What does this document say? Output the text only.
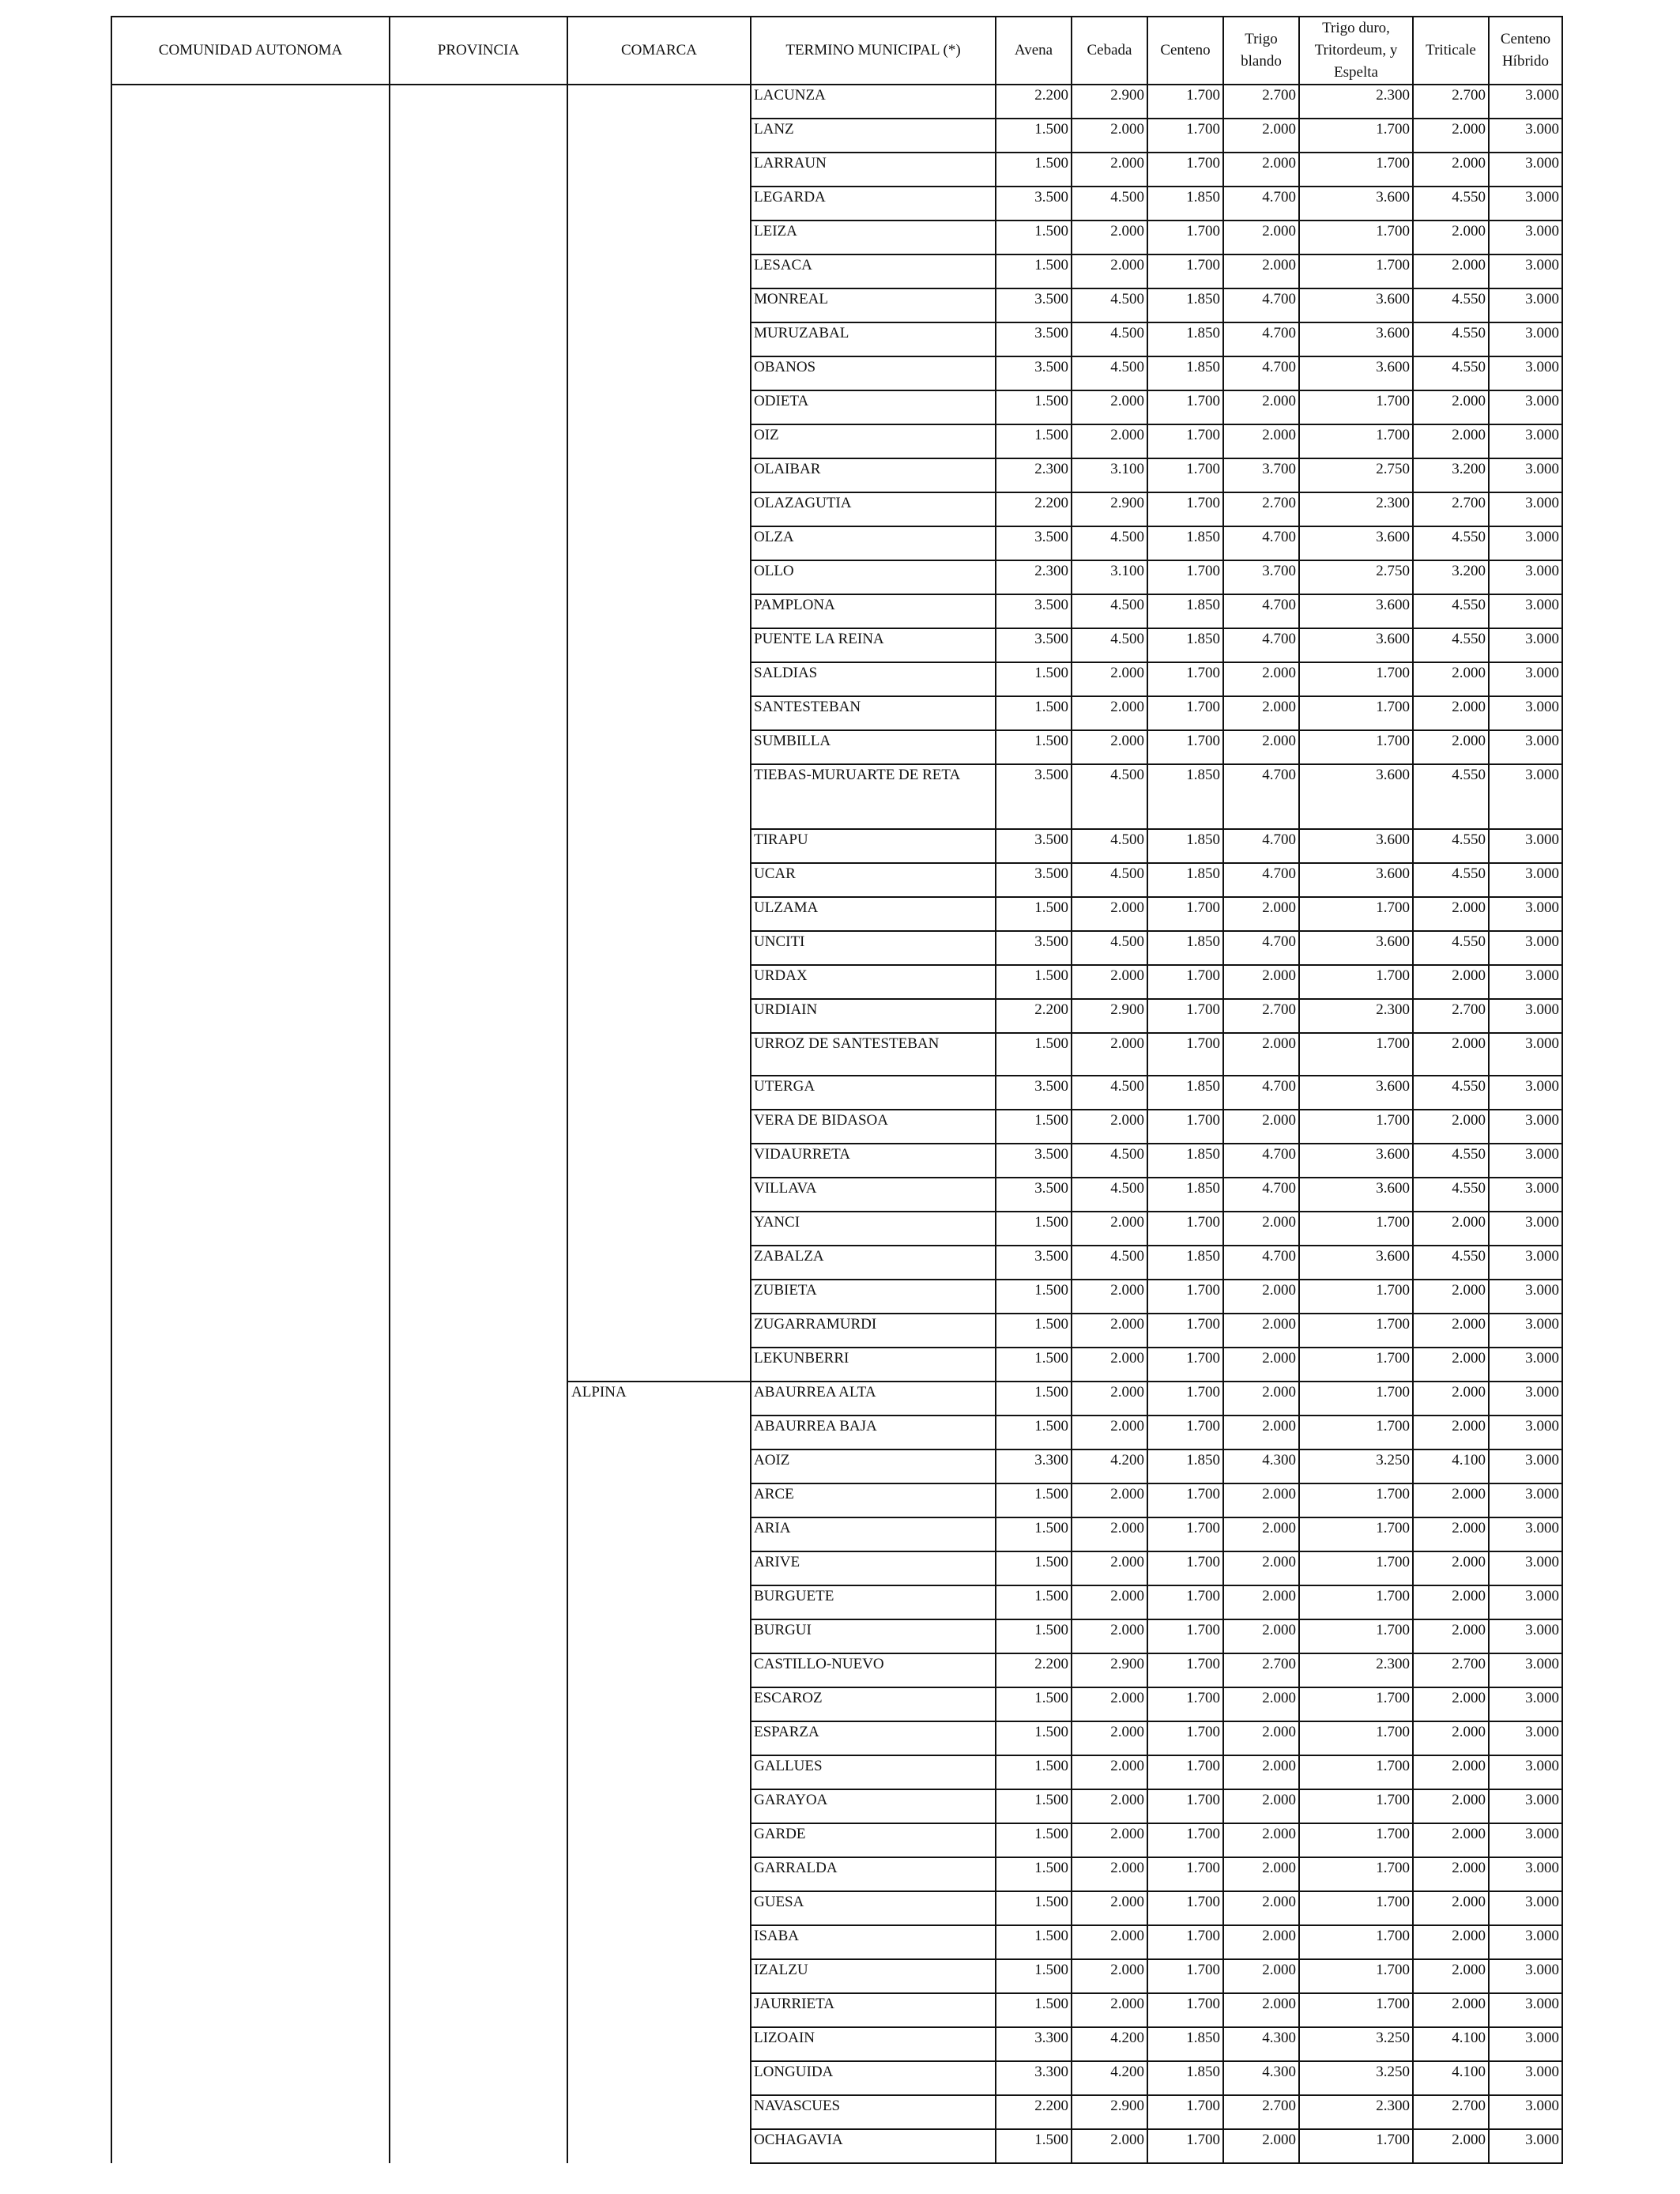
COMUNIDAD AUTONOMA	PROVINCIA	COMARCA	TERMINO MUNICIPAL (*)	Avena	Cebada	Centeno	Trigo blando	Trigo duro, Tritordeum, y Espelta	Triticale	Centeno Híbrido
			LACUNZA	2.200	2.900	1.700	2.700	2.300	2.700	3.000
			LANZ	1.500	2.000	1.700	2.000	1.700	2.000	3.000
			LARRAUN	1.500	2.000	1.700	2.000	1.700	2.000	3.000
			LEGARDA	3.500	4.500	1.850	4.700	3.600	4.550	3.000
			LEIZA	1.500	2.000	1.700	2.000	1.700	2.000	3.000
			LESACA	1.500	2.000	1.700	2.000	1.700	2.000	3.000
			MONREAL	3.500	4.500	1.850	4.700	3.600	4.550	3.000
			MURUZABAL	3.500	4.500	1.850	4.700	3.600	4.550	3.000
			OBANOS	3.500	4.500	1.850	4.700	3.600	4.550	3.000
			ODIETA	1.500	2.000	1.700	2.000	1.700	2.000	3.000
			OIZ	1.500	2.000	1.700	2.000	1.700	2.000	3.000
			OLAIBAR	2.300	3.100	1.700	3.700	2.750	3.200	3.000
			OLAZAGUTIA	2.200	2.900	1.700	2.700	2.300	2.700	3.000
			OLZA	3.500	4.500	1.850	4.700	3.600	4.550	3.000
			OLLO	2.300	3.100	1.700	3.700	2.750	3.200	3.000
			PAMPLONA	3.500	4.500	1.850	4.700	3.600	4.550	3.000
			PUENTE LA REINA	3.500	4.500	1.850	4.700	3.600	4.550	3.000
			SALDIAS	1.500	2.000	1.700	2.000	1.700	2.000	3.000
			SANTESTEBAN	1.500	2.000	1.700	2.000	1.700	2.000	3.000
			SUMBILLA	1.500	2.000	1.700	2.000	1.700	2.000	3.000
			TIEBAS-MURUARTE DE RETA	3.500	4.500	1.850	4.700	3.600	4.550	3.000
			TIRAPU	3.500	4.500	1.850	4.700	3.600	4.550	3.000
			UCAR	3.500	4.500	1.850	4.700	3.600	4.550	3.000
			ULZAMA	1.500	2.000	1.700	2.000	1.700	2.000	3.000
			UNCITI	3.500	4.500	1.850	4.700	3.600	4.550	3.000
			URDAX	1.500	2.000	1.700	2.000	1.700	2.000	3.000
			URDIAIN	2.200	2.900	1.700	2.700	2.300	2.700	3.000
			URROZ DE SANTESTEBAN	1.500	2.000	1.700	2.000	1.700	2.000	3.000
			UTERGA	3.500	4.500	1.850	4.700	3.600	4.550	3.000
			VERA DE BIDASOA	1.500	2.000	1.700	2.000	1.700	2.000	3.000
			VIDAURRETA	3.500	4.500	1.850	4.700	3.600	4.550	3.000
			VILLAVA	3.500	4.500	1.850	4.700	3.600	4.550	3.000
			YANCI	1.500	2.000	1.700	2.000	1.700	2.000	3.000
			ZABALZA	3.500	4.500	1.850	4.700	3.600	4.550	3.000
			ZUBIETA	1.500	2.000	1.700	2.000	1.700	2.000	3.000
			ZUGARRAMURDI	1.500	2.000	1.700	2.000	1.700	2.000	3.000
			LEKUNBERRI	1.500	2.000	1.700	2.000	1.700	2.000	3.000
		ALPINA	ABAURREA ALTA	1.500	2.000	1.700	2.000	1.700	2.000	3.000
			ABAURREA BAJA	1.500	2.000	1.700	2.000	1.700	2.000	3.000
			AOIZ	3.300	4.200	1.850	4.300	3.250	4.100	3.000
			ARCE	1.500	2.000	1.700	2.000	1.700	2.000	3.000
			ARIA	1.500	2.000	1.700	2.000	1.700	2.000	3.000
			ARIVE	1.500	2.000	1.700	2.000	1.700	2.000	3.000
			BURGUETE	1.500	2.000	1.700	2.000	1.700	2.000	3.000
			BURGUI	1.500	2.000	1.700	2.000	1.700	2.000	3.000
			CASTILLO-NUEVO	2.200	2.900	1.700	2.700	2.300	2.700	3.000
			ESCAROZ	1.500	2.000	1.700	2.000	1.700	2.000	3.000
			ESPARZA	1.500	2.000	1.700	2.000	1.700	2.000	3.000
			GALLUES	1.500	2.000	1.700	2.000	1.700	2.000	3.000
			GARAYOA	1.500	2.000	1.700	2.000	1.700	2.000	3.000
			GARDE	1.500	2.000	1.700	2.000	1.700	2.000	3.000
			GARRALDA	1.500	2.000	1.700	2.000	1.700	2.000	3.000
			GUESA	1.500	2.000	1.700	2.000	1.700	2.000	3.000
			ISABA	1.500	2.000	1.700	2.000	1.700	2.000	3.000
			IZALZU	1.500	2.000	1.700	2.000	1.700	2.000	3.000
			JAURRIETA	1.500	2.000	1.700	2.000	1.700	2.000	3.000
			LIZOAIN	3.300	4.200	1.850	4.300	3.250	4.100	3.000
			LONGUIDA	3.300	4.200	1.850	4.300	3.250	4.100	3.000
			NAVASCUES	2.200	2.900	1.700	2.700	2.300	2.700	3.000
			OCHAGAVIA	1.500	2.000	1.700	2.000	1.700	2.000	3.000
